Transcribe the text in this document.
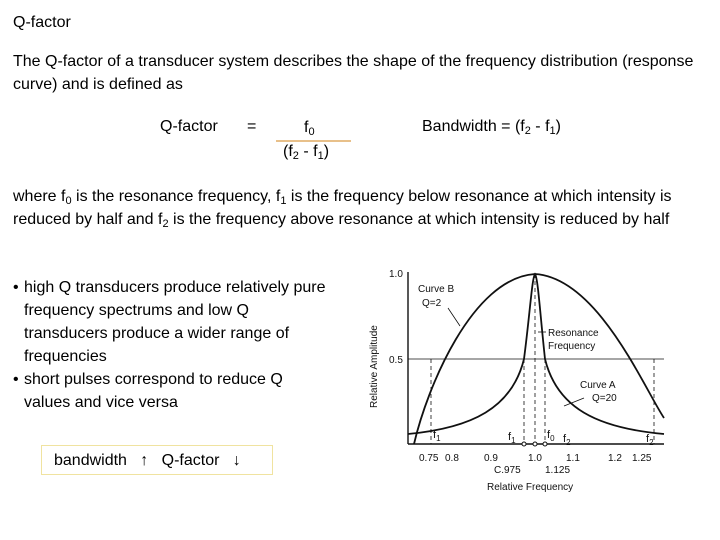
Q-factor
The Q-factor of a transducer system describes the shape of the frequency distribution (response curve) and is defined as
Q-factor =	$f_0$
$(f_2 - f_1)$
Bandwidth = $(f_2 - f_1)$
where $f_0$ is the resonance frequency, $f_1$ is the frequency below resonance at which intensity is reduced by half and $f_2$ is the frequency above resonance at which intensity is reduced by half
• high Q transducers produce relatively pure frequency spectrums and low Q transducers produce a wider range of frequencies
• short pulses correspond to reduce Q values and vice versa
bandwidth ↑ Q-factor ↓
1.0
0.5
Relative Amplitude
Curve B
Q=2
Resonance
Frequency
Curve A
Q=20
$f_1$	$f_1$	$f_0$ $f_2$	$f_2$
0.75 0.8	0.9	1.0 1.1	1.2 1.25
C.975 1.125
Relative Frequency
